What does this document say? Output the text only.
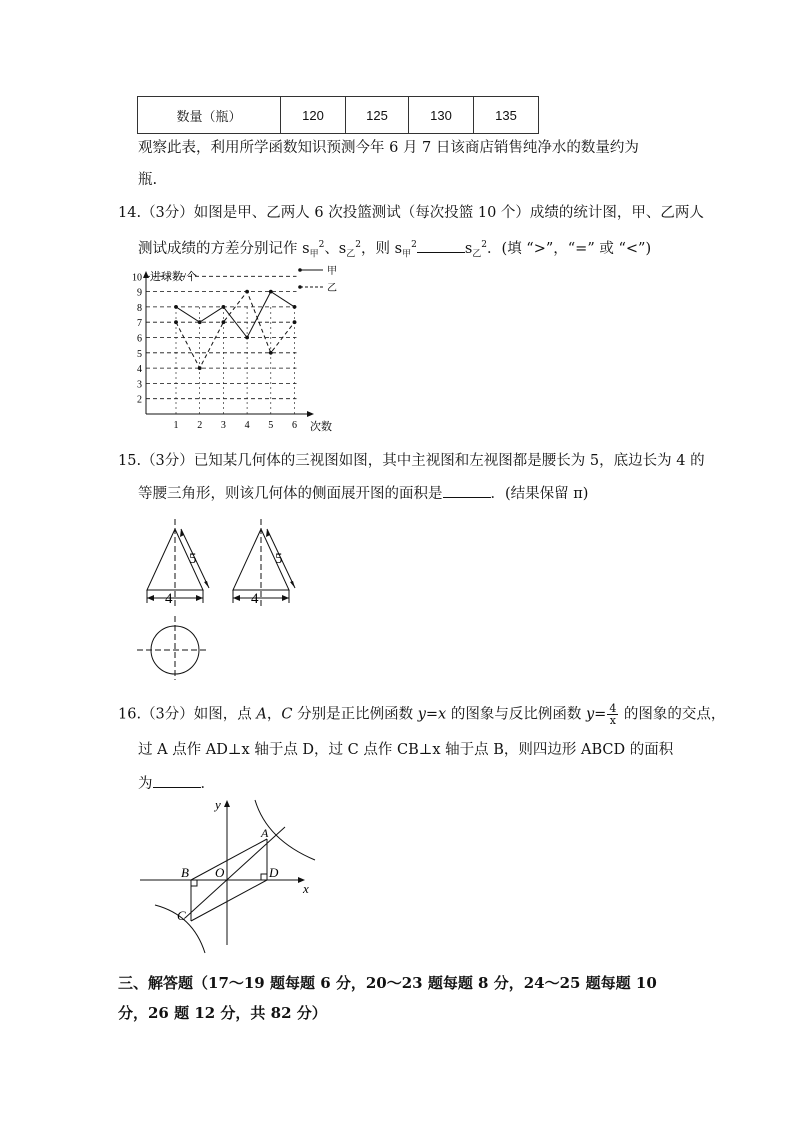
数量（瓶）	120	125	130	135
观察此表，利用所学函数知识预测今年 6 月 7 日该商店销售纯净水的数量约为
瓶.
14.（3分）如图是甲、乙两人 6 次投篮测试（每次投篮 10 个）成绩的统计图，甲、乙两人
测试成绩的方差分别记作 $s_甲^2$、$s_乙^2$，则 $s_甲^2$	$s_乙^2$．(填 “>”，“=” 或 “<”)
进球数/个
次数
2
3
4
5
6
7
8
9
10
1 2 3 4 5 6
甲
乙
15.（3分）已知某几何体的三视图如图，其中主视图和左视图都是腰长为 5，底边长为 4 的
等腰三角形，则该几何体的侧面展开图的面积是	．(结果保留 π)
5
4
5
4
16.（3分）如图，点 A，C 分别是正比例函数 y=x 的图象与反比例函数 $y= \frac{4}{x}$ 的图象的交点，
过 A 点作 AD⊥x 轴于点 D，过 C 点作 CB⊥x 轴于点 B，则四边形 ABCD 的面积
为	．
x
y
A
B O	D
C
三、解答题（17～19 题每题 6 分，20～23 题每题 8 分，24～25 题每题 10 分，26 题 12 分，共 82 分）
